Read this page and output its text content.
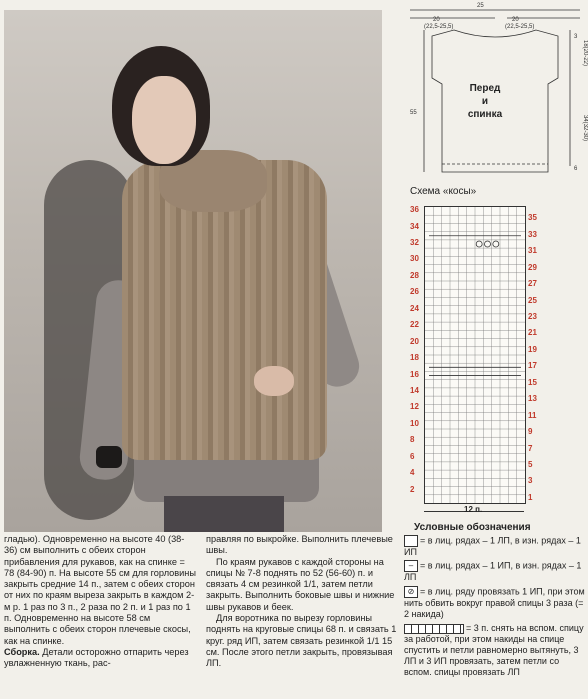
25
20
(22,5-25,5)
20
(22,5-25,5)
55
18(20-22)
34(32-30)
6
3
Перед
и
спинка
Схема «косы»
36
34
32
30
28
26
24
22
20
18
16
14
12
10
8
6
4
2
35
33
31
29
27
25
23
21
19
17
15
13
11
9
7
5
3
1
12 п.
Условные обозначения
= в лиц. рядах – 1 ЛП, в изн. рядах – 1 ИП
– = в лиц. рядах – 1 ИП, в изн. рядах – 1 ЛП
⊘ = в лиц. ряду провязать 1 ИП, при этом нить обвить вокруг правой спицы 3 раза (= 2 накида)
= 3 п. снять на вспом. спицу за работой, при этом накиды на спице спустить и петли равномерно вытянуть, 3 ЛП и 3 ИП провязать, затем петли со вспом. спицы провязать ЛП

гладью). Одновременно на высоте 40 (38-36) см выполнить с обеих сторон прибавления для рукавов, как на спинке = 78 (84-90) п. На высоте 55 см для горловины закрыть средние 14 п., затем с обеих сторон от них по краям выреза закрыть в каждом 2-м р. 1 раз по 3 п., 2 раза по 2 п. и 1 раз по 1 п. Одновременно на высоте 58 см выполнить с обеих сторон плечевые скосы, как на спинке.

Сборка. Детали осторожно отпарить через увлажненную ткань, рас-

правляя по выкройке. Выполнить плечевые швы.

По краям рукавов с каждой стороны на спицы № 7-8 поднять по 52 (56-60) п. и связать 4 см резинкой 1/1, затем петли закрыть. Выполнить боковые швы и нижние швы рукавов и бeек.

Для воротника по вырезу горловины поднять на круговые спицы 68 п. и связать 1 круг. ряд ИП, затем связать резинкой 1/1 15 см. После этого петли закрыть, провязывая ЛП.
